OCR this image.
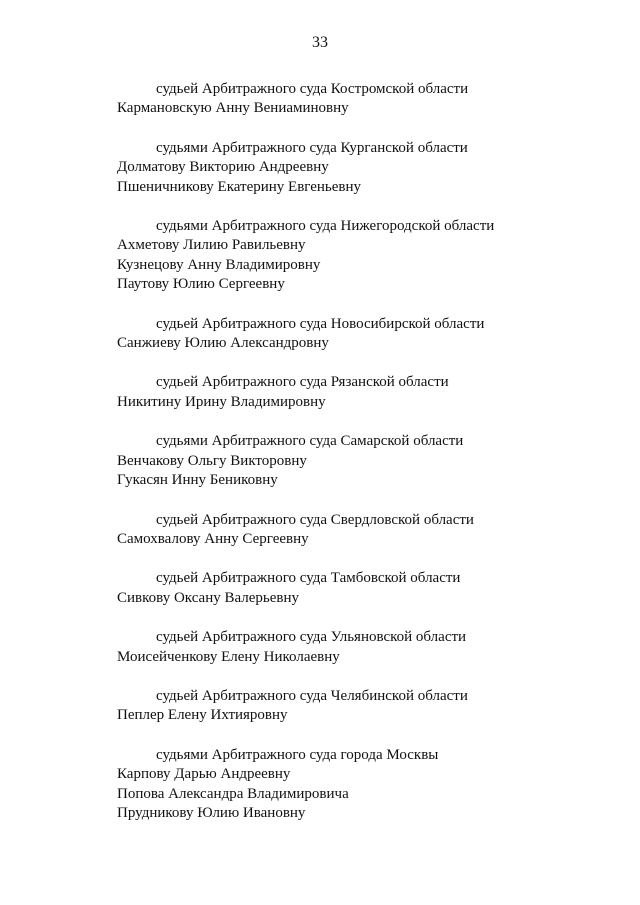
33
судьей Арбитражного суда Костромской области
Кармановскую Анну Вениаминовну
судьями Арбитражного суда Курганской области
Долматову Викторию Андреевну
Пшеничникову Екатерину Евгеньевну
судьями Арбитражного суда Нижегородской области
Ахметову Лилию Равильевну
Кузнецову Анну Владимировну
Паутову Юлию Сергеевну
судьей Арбитражного суда Новосибирской области
Санжиеву Юлию Александровну
судьей Арбитражного суда Рязанской области
Никитину Ирину Владимировну
судьями Арбитражного суда Самарской области
Венчакову Ольгу Викторовну
Гукасян Инну Бениковну
судьей Арбитражного суда Свердловской области
Самохвалову Анну Сергеевну
судьей Арбитражного суда Тамбовской области
Сивкову Оксану Валерьевну
судьей Арбитражного суда Ульяновской области
Моисейченкову Елену Николаевну
судьей Арбитражного суда Челябинской области
Пеплер Елену Ихтияровну
судьями Арбитражного суда города Москвы
Карпову Дарью Андреевну
Попова Александра Владимировича
Прудникову Юлию Ивановну
